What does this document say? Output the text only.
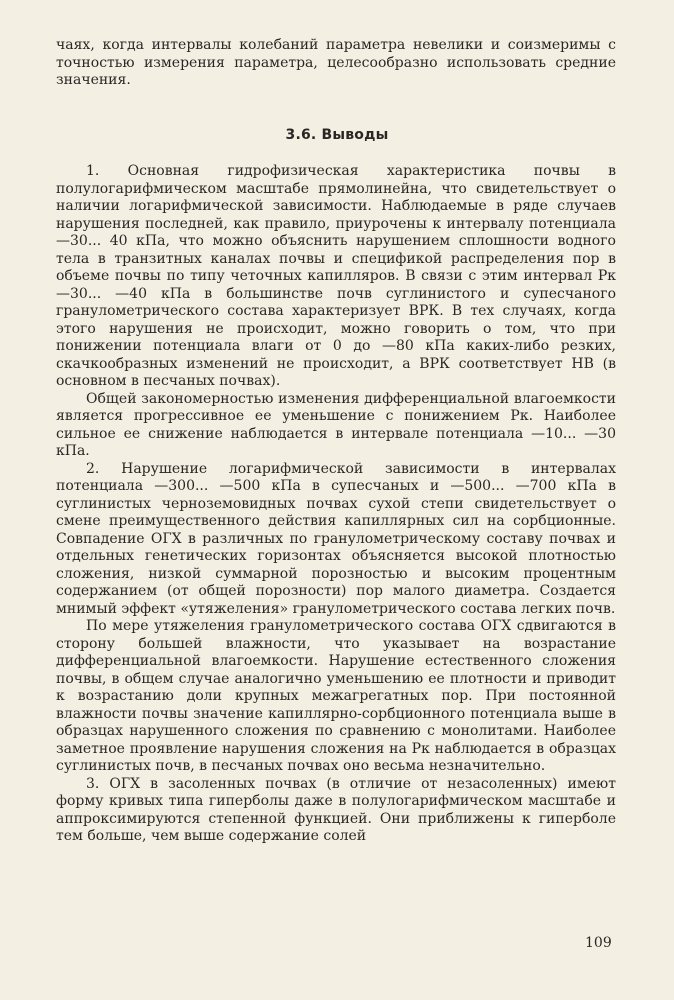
чаях, когда интервалы колебаний параметра невелики и соизмеримы с точностью измерения параметра, целесообразно использовать средние значения.

3.6. Выводы

1. Основная гидрофизическая характеристика почвы в полулогарифмическом масштабе прямолинейна, что свидетельствует о наличии логарифмической зависимости. Наблюдаемые в ряде случаев нарушения последней, как правило, приурочены к интервалу потенциала —30... 40 кПа, что можно объяснить нарушением сплошности водного тела в транзитных каналах почвы и спецификой распределения пор в объеме почвы по типу четочных капилляров. В связи с этим интервал Pк —30... —40 кПа в большинстве почв суглинистого и супесчаного гранулометрического состава характеризует ВРК. В тех случаях, когда этого нарушения не происходит, можно говорить о том, что при понижении потенциала влаги от 0 до —80 кПа каких-либо резких, скачкообразных изменений не происходит, а ВРК соответствует НВ (в основном в песчаных почвах).

Общей закономерностью изменения дифференциальной влагоемкости является прогрессивное ее уменьшение с понижением Pк. Наиболее сильное ее снижение наблюдается в интервале потенциала —10... —30 кПа.

2. Нарушение логарифмической зависимости в интервалах потенциала —300... —500 кПа в супесчаных и —500... —700 кПа в суглинистых черноземовидных почвах сухой степи свидетельствует о смене преимущественного действия капиллярных сил на сорбционные. Совпадение ОГХ в различных по гранулометрическому составу почвах и отдельных генетических горизонтах объясняется высокой плотностью сложения, низкой суммарной порозностью и высоким процентным содержанием (от общей порозности) пор малого диаметра. Создается мнимый эффект «утяжеления» гранулометрического состава легких почв.

По мере утяжеления гранулометрического состава ОГХ сдвигаются в сторону большей влажности, что указывает на возрастание дифференциальной влагоемкости. Нарушение естественного сложения почвы, в общем случае аналогично уменьшению ее плотности и приводит к возрастанию доли крупных межагрегатных пор. При постоянной влажности почвы значение капиллярно-сорбционного потенциала выше в образцах нарушенного сложения по сравнению с монолитами. Наиболее заметное проявление нарушения сложения на Pк наблюдается в образцах суглинистых почв, в песчаных почвах оно весьма незначительно.

3. ОГХ в засоленных почвах (в отличие от незасоленных) имеют форму кривых типа гиперболы даже в полулогарифмическом масштабе и аппроксимируются степенной функцией. Они приближены к гиперболе тем больше, чем выше содержание солей

109
